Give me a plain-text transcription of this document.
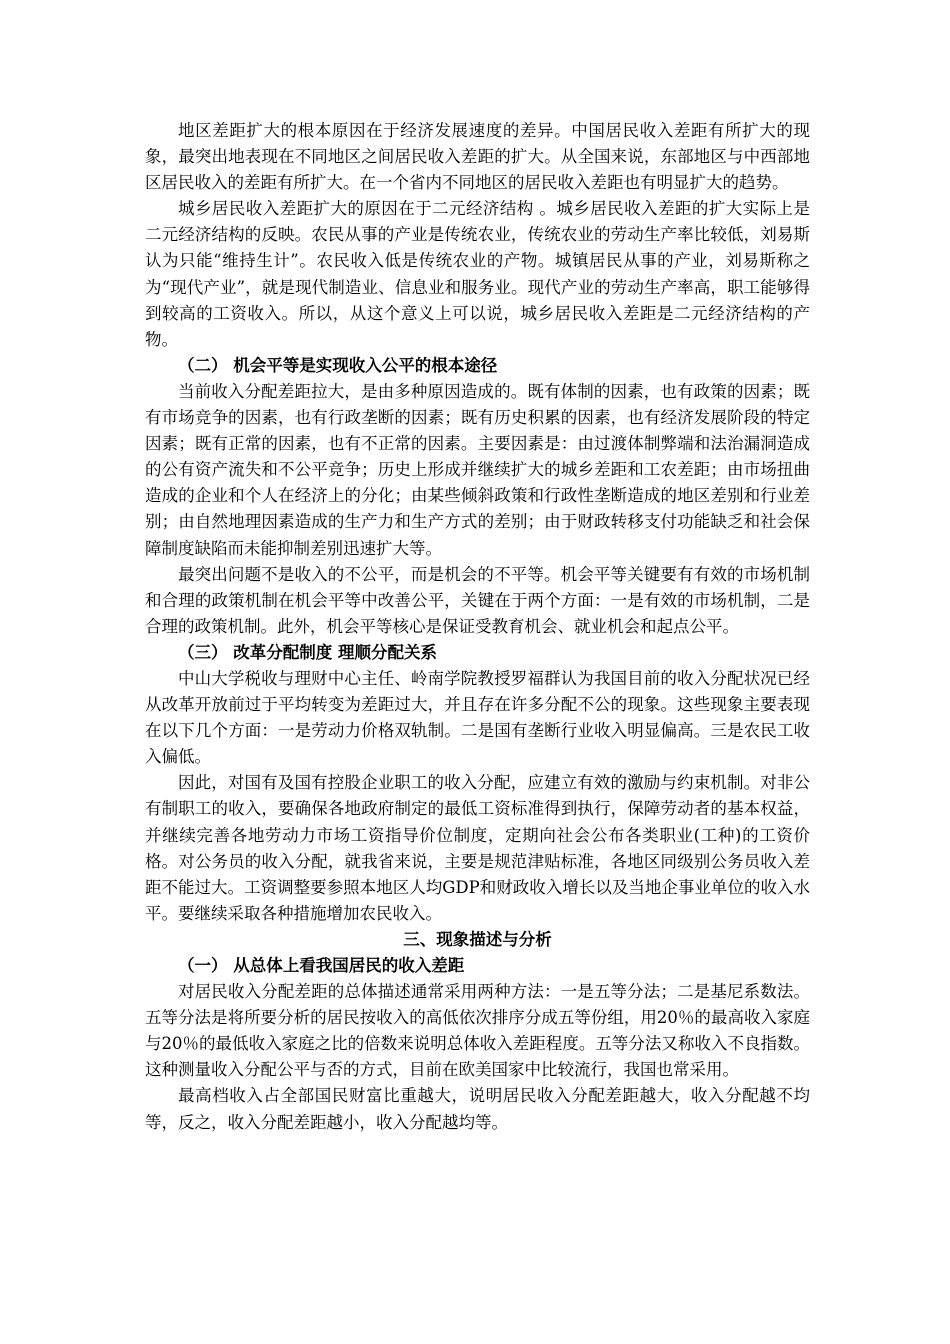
地区差距扩大的根本原因在于经济发展速度的差异。中国居民收入差距有所扩大的现象，最突出地表现在不同地区之间居民收入差距的扩大。从全国来说，东部地区与中西部地区居民收入的差距有所扩大。在一个省内不同地区的居民收入差距也有明显扩大的趋势。

城乡居民收入差距扩大的原因在于二元经济结构 。城乡居民收入差距的扩大实际上是二元经济结构的反映。农民从事的产业是传统农业，传统农业的劳动生产率比较低，刘易斯认为只能“维持生计”。农民收入低是传统农业的产物。城镇居民从事的产业，刘易斯称之为“现代产业”，就是现代制造业、信息业和服务业。现代产业的劳动生产率高，职工能够得到较高的工资收入。所以，从这个意义上可以说，城乡居民收入差距是二元经济结构的产物。

（二） 机会平等是实现收入公平的根本途径

当前收入分配差距拉大，是由多种原因造成的。既有体制的因素，也有政策的因素；既有市场竞争的因素，也有行政垄断的因素；既有历史积累的因素，也有经济发展阶段的特定因素；既有正常的因素，也有不正常的因素。主要因素是：由过渡体制弊端和法治漏洞造成的公有资产流失和不公平竞争；历史上形成并继续扩大的城乡差距和工农差距；由市场扭曲造成的企业和个人在经济上的分化；由某些倾斜政策和行政性垄断造成的地区差别和行业差别；由自然地理因素造成的生产力和生产方式的差别；由于财政转移支付功能缺乏和社会保障制度缺陷而未能抑制差别迅速扩大等。

最突出问题不是收入的不公平，而是机会的不平等。机会平等关键要有有效的市场机制和合理的政策机制在机会平等中改善公平，关键在于两个方面：一是有效的市场机制，二是合理的政策机制。此外，机会平等核心是保证受教育机会、就业机会和起点公平。

（三） 改革分配制度 理顺分配关系

中山大学税收与理财中心主任、岭南学院教授罗福群认为我国目前的收入分配状况已经从改革开放前过于平均转变为差距过大，并且存在许多分配不公的现象。这些现象主要表现在以下几个方面：一是劳动力价格双轨制。二是国有垄断行业收入明显偏高。三是农民工收入偏低。

因此，对国有及国有控股企业职工的收入分配，应建立有效的激励与约束机制。对非公有制职工的收入，要确保各地政府制定的最低工资标准得到执行，保障劳动者的基本权益，并继续完善各地劳动力市场工资指导价位制度，定期向社会公布各类职业(工种)的工资价格。对公务员的收入分配，就我省来说，主要是规范津贴标准，各地区同级别公务员收入差距不能过大。工资调整要参照本地区人均GDP和财政收入增长以及当地企事业单位的收入水平。要继续采取各种措施增加农民收入。

三、现象描述与分析
（一） 从总体上看我国居民的收入差距

对居民收入分配差距的总体描述通常采用两种方法：一是五等分法；二是基尼系数法。五等分法是将所要分析的居民按收入的高低依次排序分成五等份组，用20％的最高收入家庭与20％的最低收入家庭之比的倍数来说明总体收入差距程度。五等分法又称收入不良指数。这种测量收入分配公平与否的方式，目前在欧美国家中比较流行，我国也常采用。

最高档收入占全部国民财富比重越大，说明居民收入分配差距越大，收入分配越不均等，反之，收入分配差距越小，收入分配越均等。
